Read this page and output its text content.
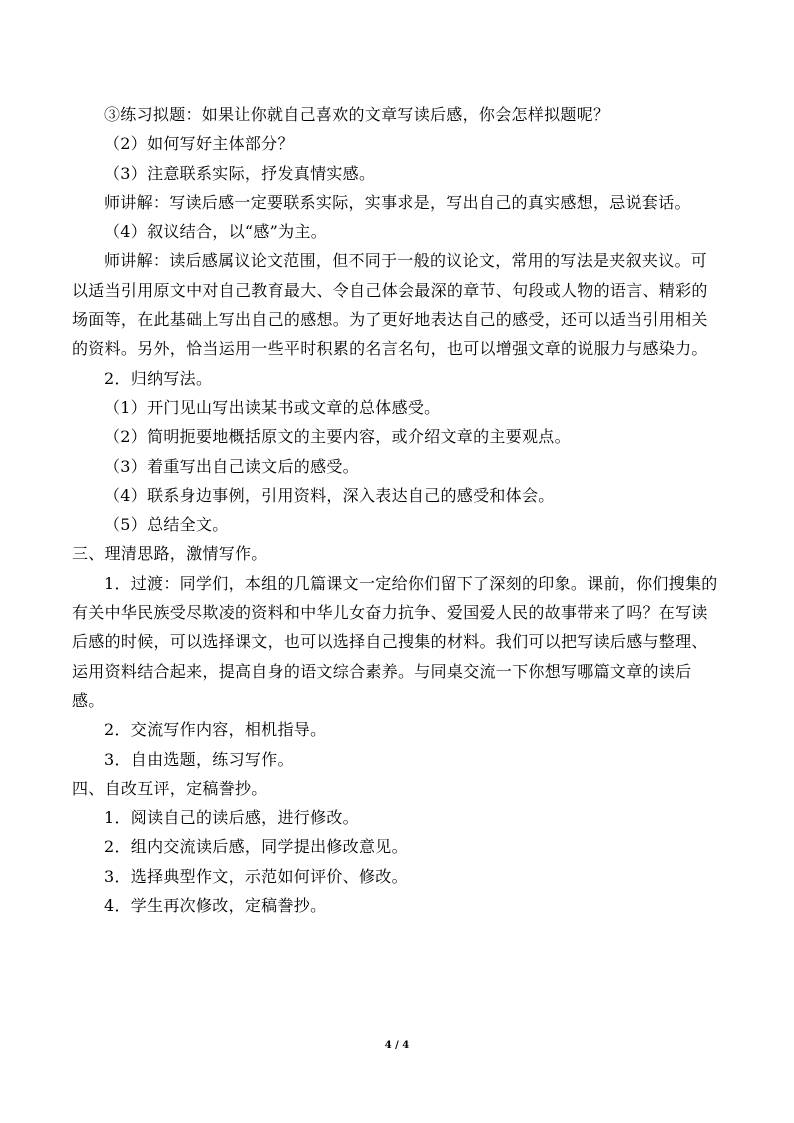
③练习拟题：如果让你就自己喜欢的文章写读后感，你会怎样拟题呢？

（2）如何写好主体部分？

（3）注意联系实际，抒发真情实感。

师讲解：写读后感一定要联系实际，实事求是，写出自己的真实感想，忌说套话。

（4）叙议结合，以“感”为主。

师讲解：读后感属议论文范围，但不同于一般的议论文，常用的写法是夹叙夹议。可以适当引用原文中对自己教育最大、令自己体会最深的章节、句段或人物的语言、精彩的场面等，在此基础上写出自己的感想。为了更好地表达自己的感受，还可以适当引用相关的资料。另外，恰当运用一些平时积累的名言名句，也可以增强文章的说服力与感染力。

2．归纳写法。

（1）开门见山写出读某书或文章的总体感受。

（2）简明扼要地概括原文的主要内容，或介绍文章的主要观点。

（3）着重写出自己读文后的感受。

（4）联系身边事例，引用资料，深入表达自己的感受和体会。

（5）总结全文。

三、理清思路，激情写作。

1．过渡：同学们，本组的几篇课文一定给你们留下了深刻的印象。课前，你们搜集的有关中华民族受尽欺凌的资料和中华儿女奋力抗争、爱国爱人民的故事带来了吗？在写读后感的时候，可以选择课文，也可以选择自己搜集的材料。我们可以把写读后感与整理、运用资料结合起来，提高自身的语文综合素养。与同桌交流一下你想写哪篇文章的读后感。

2．交流写作内容，相机指导。

3．自由选题，练习写作。

四、自改互评，定稿誊抄。

1．阅读自己的读后感，进行修改。

2．组内交流读后感，同学提出修改意见。

3．选择典型作文，示范如何评价、修改。

4．学生再次修改，定稿誊抄。

4 / 4
